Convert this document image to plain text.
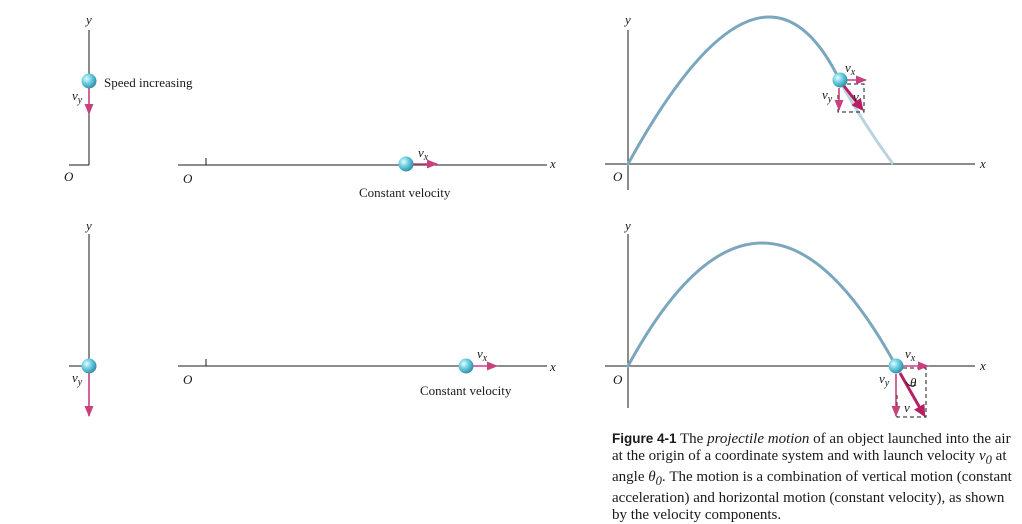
y
O
$v_y$
Speed increasing
O
x
$v_x$
Constant velocity
y
O
x
$v_x$
$v_y$ v
y
$v_y$	O
x
$v_x$
Constant velocity
y
O
x
$v_x$
$v_y$ θ
v
Figure 4-1 The projectile motion of an object launched into the air at the origin of a coordinate system and with launch velocity $v_0$ at angle $\theta_0$. The motion is a combination of vertical motion (constant acceleration) and horizontal motion (constant velocity), as shown by the velocity components.
